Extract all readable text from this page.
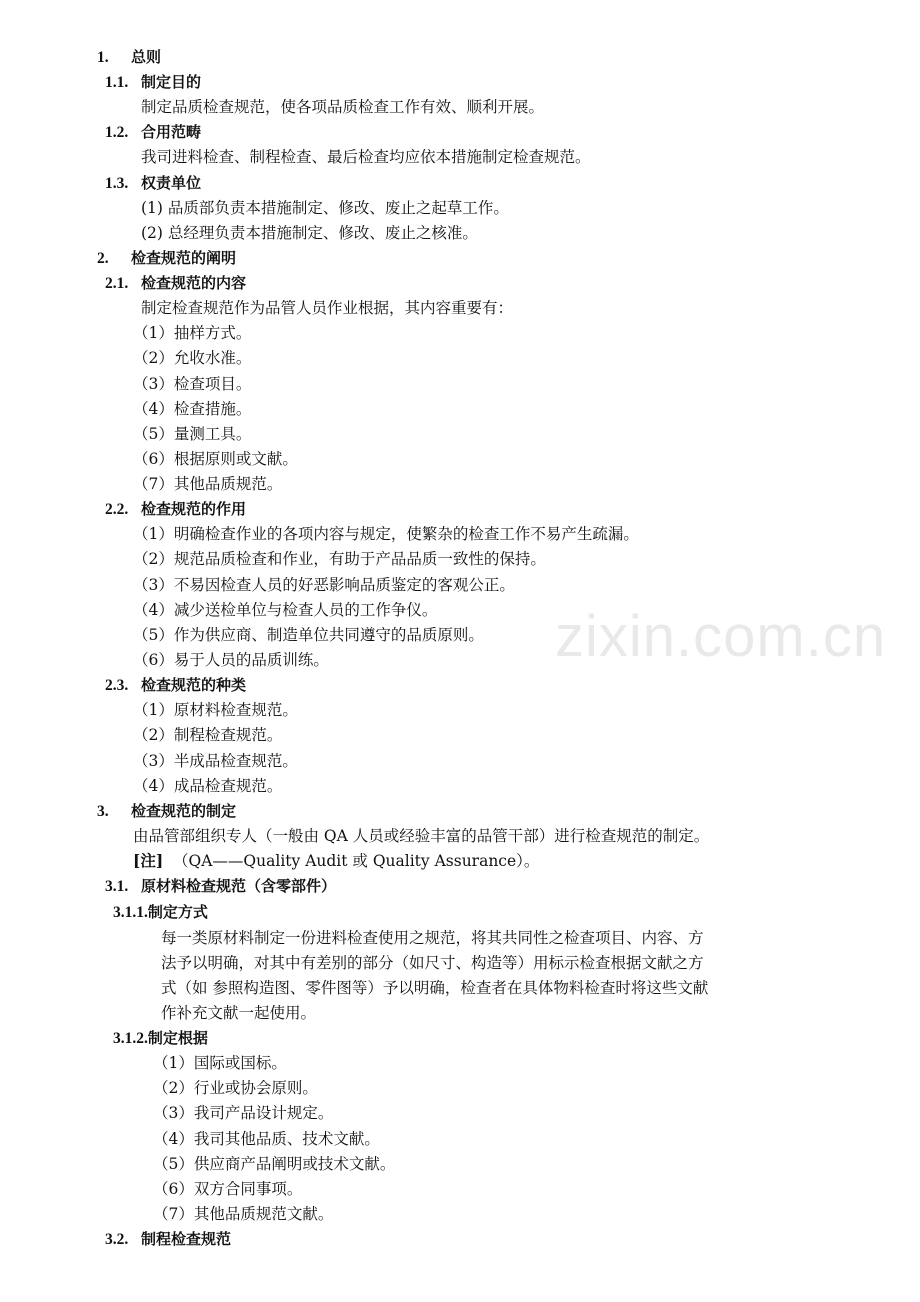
zixin.com.cn
1. 总则
1.1. 制定目的
制定品质检查规范，使各项品质检查工作有效、顺利开展。
1.2. 合用范畴
我司进料检查、制程检查、最后检查均应依本措施制定检查规范。
1.3. 权责单位
(1) 品质部负责本措施制定、修改、废止之起草工作。
(2) 总经理负责本措施制定、修改、废止之核准。
2. 检查规范的阐明
2.1. 检查规范的内容
制定检查规范作为品管人员作业根据，其内容重要有：
（1）抽样方式。
（2）允收水准。
（3）检查项目。
（4）检查措施。
（5）量测工具。
（6）根据原则或文献。
（7）其他品质规范。
2.2. 检查规范的作用
（1）明确检查作业的各项内容与规定，使繁杂的检查工作不易产生疏漏。
（2）规范品质检查和作业，有助于产品品质一致性的保持。
（3）不易因检查人员的好恶影响品质鉴定的客观公正。
（4）减少送检单位与检查人员的工作争仪。
（5）作为供应商、制造单位共同遵守的品质原则。
（6）易于人员的品质训练。
2.3. 检查规范的种类
（1）原材料检查规范。
（2）制程检查规范。
（3）半成品检查规范。
（4）成品检查规范。
3. 检查规范的制定
由品管部组织专人（一般由 QA 人员或经验丰富的品管干部）进行检查规范的制定。
[注] （QA——Quality Audit 或 Quality Assurance）。
3.1. 原材料检查规范（含零部件）
3.1.1.制定方式
每一类原材料制定一份进料检查使用之规范，将其共同性之检查项目、内容、方
法予以明确，对其中有差别的部分（如尺寸、构造等）用标示检查根据文献之方
式（如 参照构造图、零件图等）予以明确，检查者在具体物料检查时将这些文献
作补充文献一起使用。
3.1.2.制定根据
（1）国际或国标。
（2）行业或协会原则。
（3）我司产品设计规定。
（4）我司其他品质、技术文献。
（5）供应商产品阐明或技术文献。
（6）双方合同事项。
（7）其他品质规范文献。
3.2. 制程检查规范
